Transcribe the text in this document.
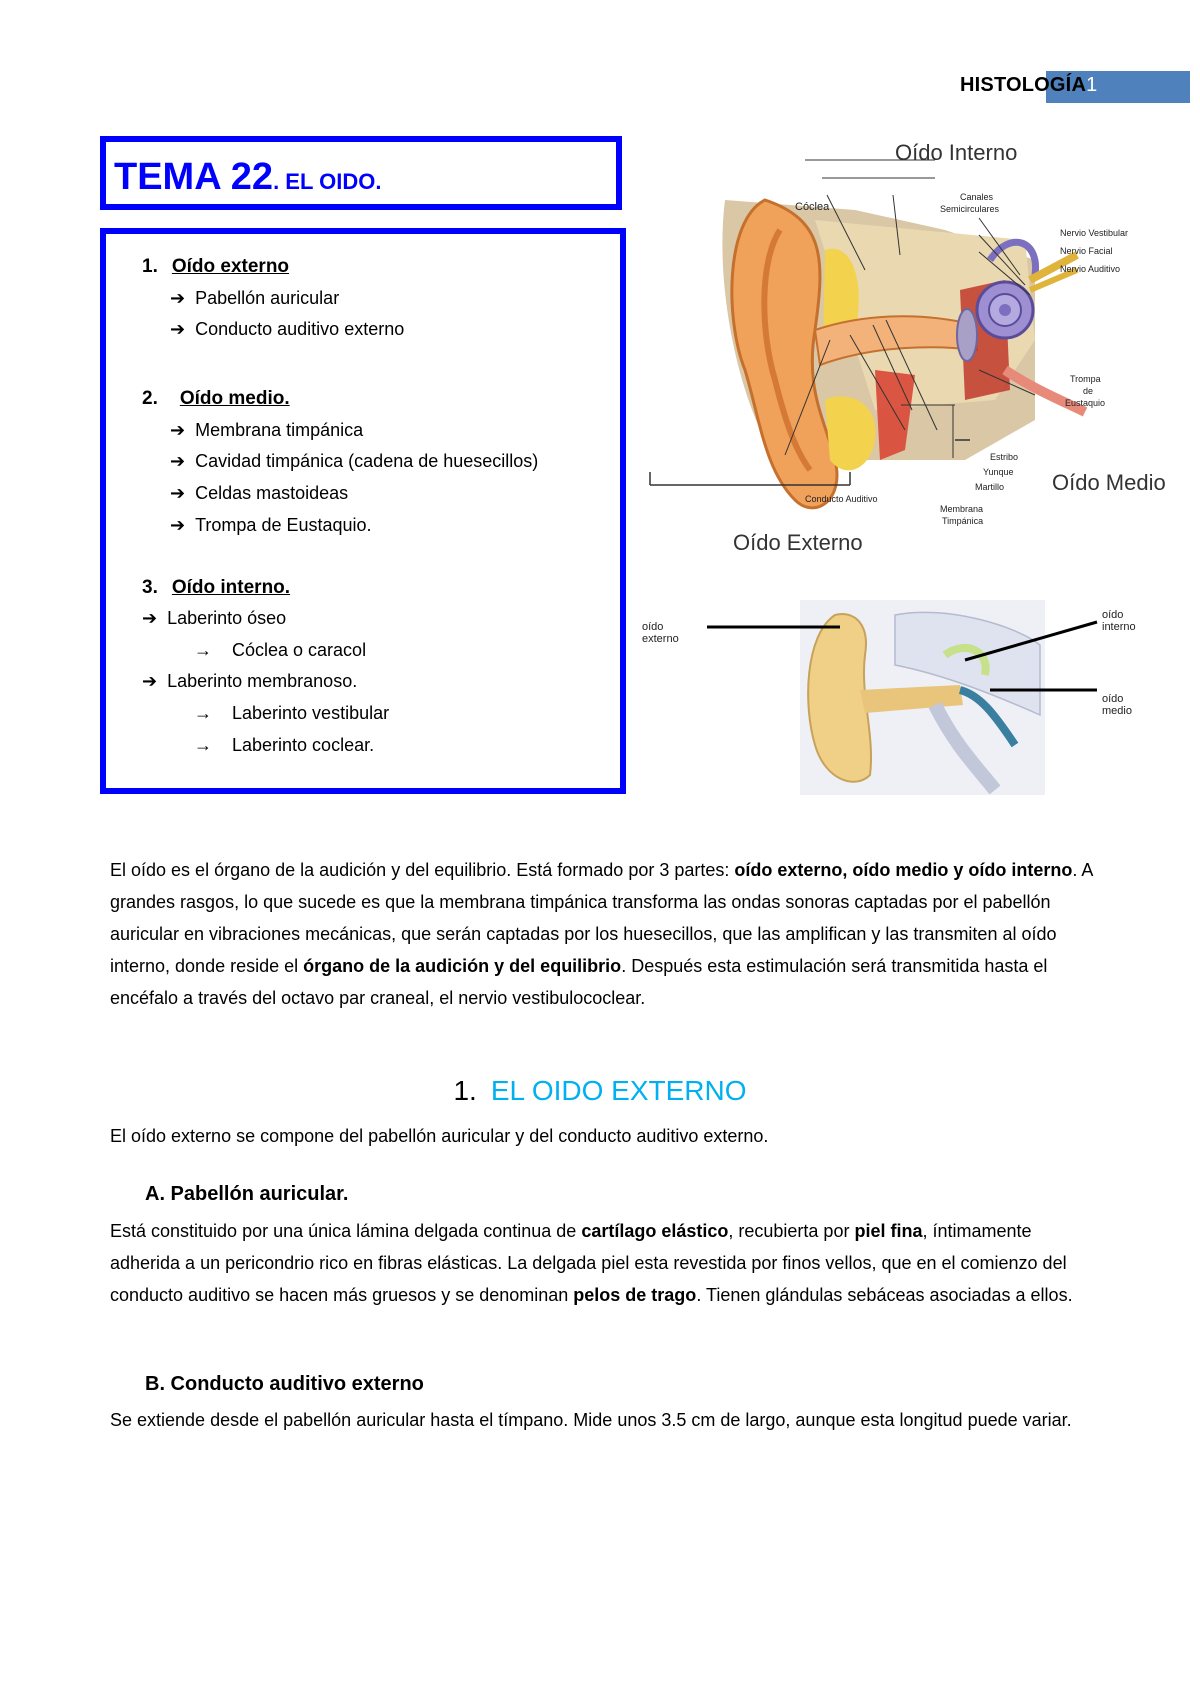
HISTOLOGÍA1
TEMA 22. EL OIDO.
1. Oído externo
➔ Pabellón auricular
➔ Conducto auditivo externo
2. Oído medio.
➔ Membrana timpánica
➔ Cavidad timpánica (cadena de huesecillos)
➔ Celdas mastoideas
➔ Trompa de Eustaquio.
3. Oído interno.
➔ Laberinto óseo
→ Cóclea o caracol
➔ Laberinto membranoso.
→ Laberinto vestibular
→ Laberinto coclear.
Oído Interno
Cóclea
Canales
Semicirculares
Nervio Vestibular
Nervio Facial
Nervio Auditivo
Trompa
de
Eustaquio
Estribo
Yunque
Martillo Oído Medio
Conducto Auditivo
Membrana
Timpánica
Oído Externo
oído
externo
oído
interno
oído
medio
El oído es el órgano de la audición y del equilibrio. Está formado por 3 partes: oído externo, oído medio y oído interno. A grandes rasgos, lo que sucede es que la membrana timpánica transforma las ondas sonoras captadas por el pabellón auricular en vibraciones mecánicas, que serán captadas por los huesecillos, que las amplifican y las transmiten al oído interno, donde reside el órgano de la audición y del equilibrio. Después esta estimulación será transmitida hasta el encéfalo a través del octavo par craneal, el nervio vestibulococlear.
1. EL OIDO EXTERNO
El oído externo se compone del pabellón auricular y del conducto auditivo externo.
A. Pabellón auricular.
Está constituido por una única lámina delgada continua de cartílago elástico, recubierta por piel fina, íntimamente adherida a un pericondrio rico en fibras elásticas. La delgada piel esta revestida por finos vellos, que en el comienzo del conducto auditivo se hacen más gruesos y se denominan pelos de trago. Tienen glándulas sebáceas asociadas a ellos.
B. Conducto auditivo externo
Se extiende desde el pabellón auricular hasta el tímpano. Mide unos 3.5 cm de largo, aunque esta longitud puede variar.
